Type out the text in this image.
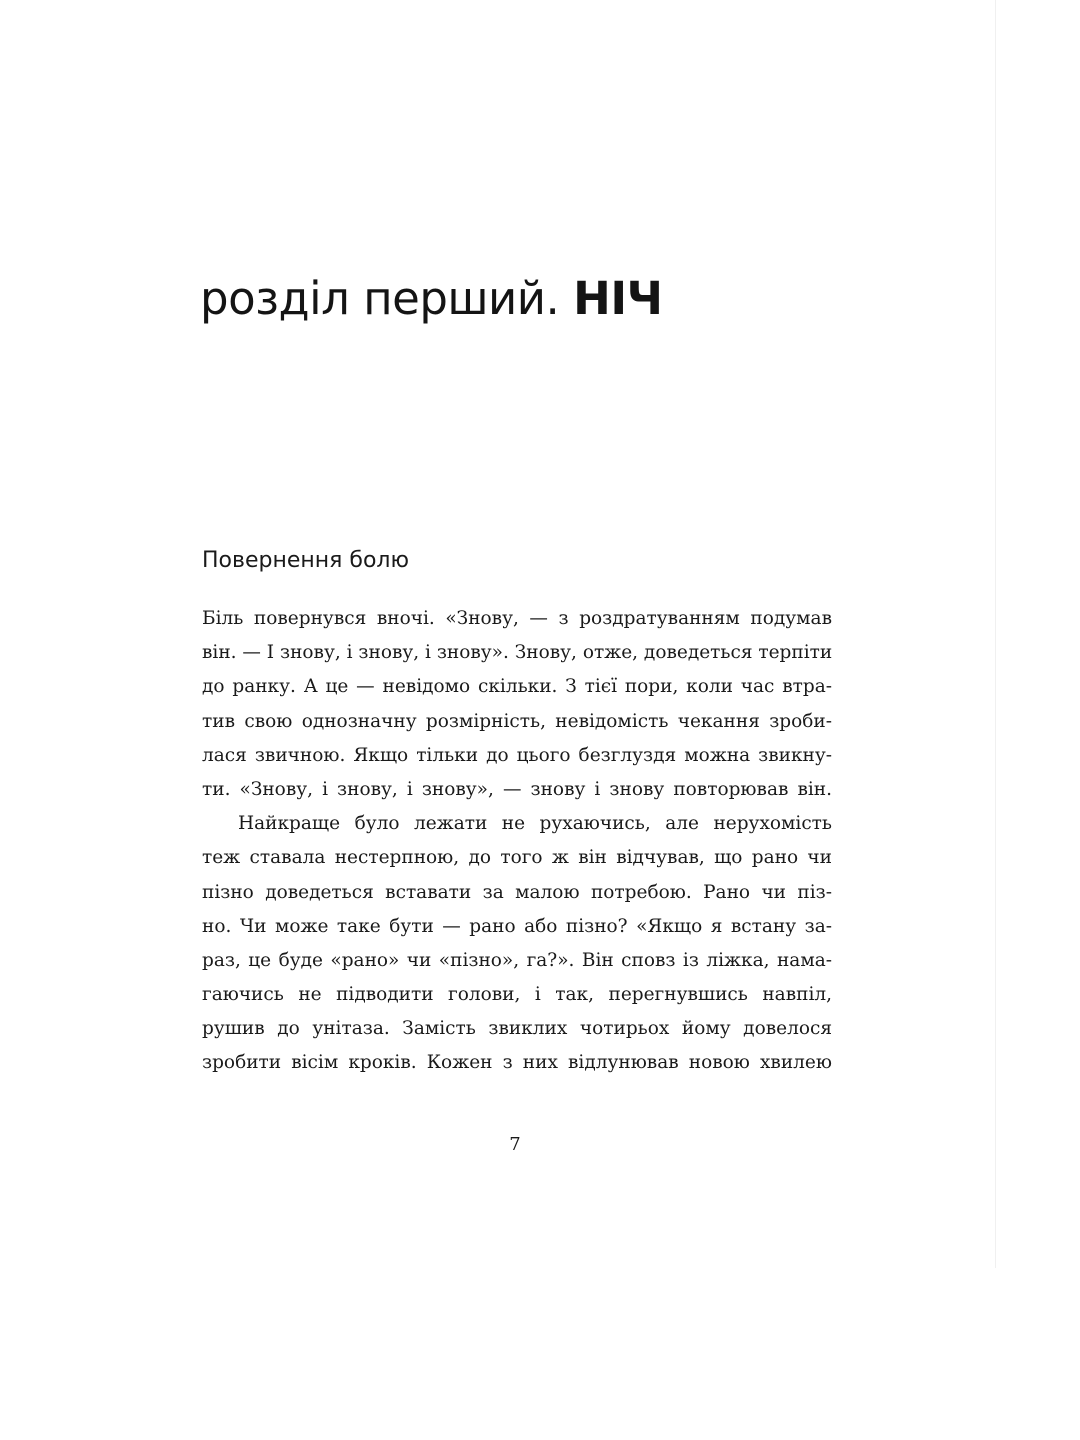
розділ перший. НІЧ
Повернення болю
Біль повернувся вночі. «Знову, — з роздратуванням подумав
він. — І знову, і знову, і знову». Знову, отже, доведеться терпіти
до ранку. А це — невідомо скільки. З тієї пори, коли час втра-
тив свою однозначну розмірність, невідомість чекання зроби-
лася звичною. Якщо тільки до цього безглуздя можна звикну-
ти. «Знову, і знову, і знову», — знову і знову повторював він.
Найкраще було лежати не рухаючись, але нерухомість
теж ставала нестерпною, до того ж він відчував, що рано чи
пізно доведеться вставати за малою потребою. Рано чи піз-
но. Чи може таке бути — рано або пізно? «Якщо я встану за-
раз, це буде «рано» чи «пізно», га?». Він сповз із ліжка, нама-
гаючись не підводити голови, і так, перегнувшись навпіл,
рушив до унітаза. Замість звиклих чотирьох йому довелося
зробити вісім кроків. Кожен з них відлунював новою хвилею
7
